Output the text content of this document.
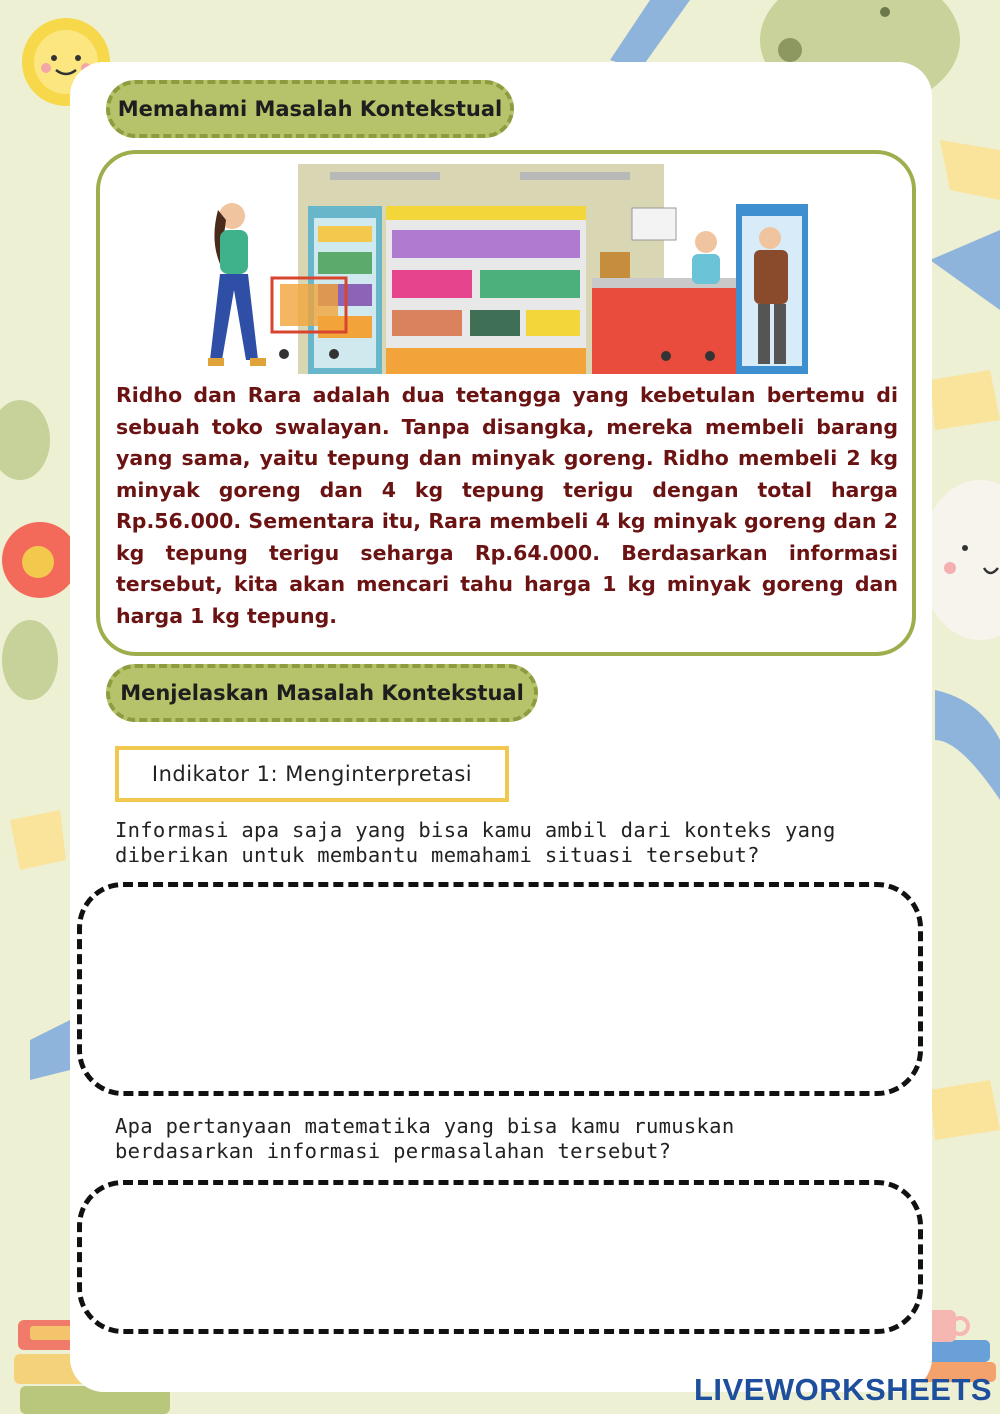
Memahami Masalah Kontekstual
Ridho dan Rara adalah dua tetangga yang kebetulan bertemu di sebuah toko swalayan. Tanpa disangka, mereka membeli barang yang sama, yaitu tepung dan minyak goreng. Ridho membeli 2 kg minyak goreng dan 4 kg tepung terigu dengan total harga Rp.56.000. Sementara itu, Rara membeli 4 kg minyak goreng dan 2 kg tepung terigu seharga Rp.64.000. Berdasarkan informasi tersebut, kita akan mencari tahu harga 1 kg minyak goreng dan harga 1 kg tepung.
Menjelaskan Masalah Kontekstual
Indikator 1: Menginterpretasi
Informasi apa saja yang bisa kamu ambil dari konteks yang diberikan untuk membantu memahami situasi tersebut?
Apa pertanyaan matematika yang bisa kamu rumuskan berdasarkan informasi permasalahan tersebut?
LIVEWORKSHEETS
